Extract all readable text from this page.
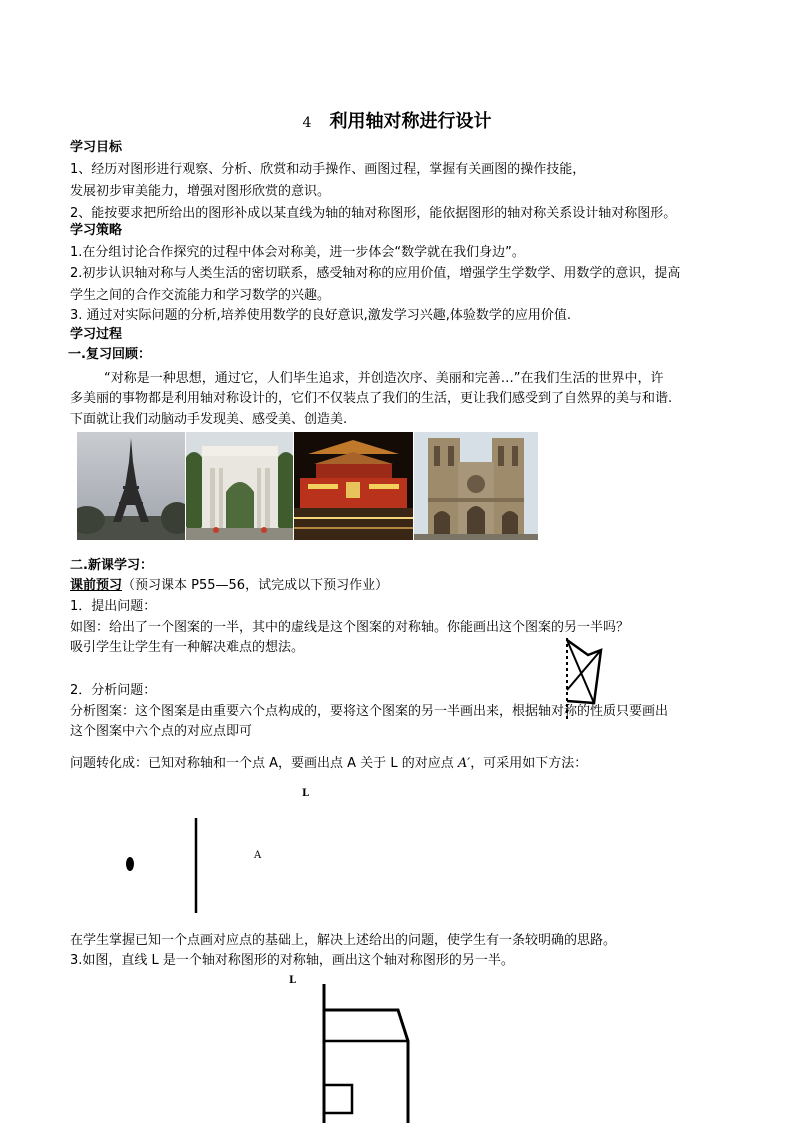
4 利用轴对称进行设计
学习目标
1、经历对图形进行观察、分析、欣赏和动手操作、画图过程，掌握有关画图的操作技能，
发展初步审美能力，增强对图形欣赏的意识。
2、能按要求把所给出的图形补成以某直线为轴的轴对称图形，能依据图形的轴对称关系设计轴对称图形。
学习策略
1.在分组讨论合作探究的过程中体会对称美，进一步体会“数学就在我们身边”。
2.初步认识轴对称与人类生活的密切联系，感受轴对称的应用价值，增强学生学数学、用数学的意识，提高
学生之间的合作交流能力和学习数学的兴趣。
3. 通过对实际问题的分析,培养使用数学的良好意识,激发学习兴趣,体验数学的应用价值.
学习过程
一.复习回顾：
“对称是一种思想，通过它，人们毕生追求，并创造次序、美丽和完善…”在我们生活的世界中，许
多美丽的事物都是利用轴对称设计的，它们不仅装点了我们的生活，更让我们感受到了自然界的美与和谐.
下面就让我们动脑动手发现美、感受美、创造美.
二.新课学习：
课前预习（预习课本 P55—56，试完成以下预习作业）
1．提出问题：
如图：给出了一个图案的一半，其中的虚线是这个图案的对称轴。你能画出这个图案的另一半吗？
吸引学生让学生有一种解决难点的想法。
2．分析问题：
分析图案：这个图案是由重要六个点构成的，要将这个图案的另一半画出来，根据轴对称的性质只要画出
这个图案中六个点的对应点即可
问题转化成：已知对称轴和一个点 A，要画出点 A 关于 L 的对应点 A′，可采用如下方法：
在学生掌握已知一个点画对应点的基础上，解决上述给出的问题，使学生有一条较明确的思路。
3.如图，直线 L 是一个轴对称图形的对称轴，画出这个轴对称图形的另一半。
L
A
L
